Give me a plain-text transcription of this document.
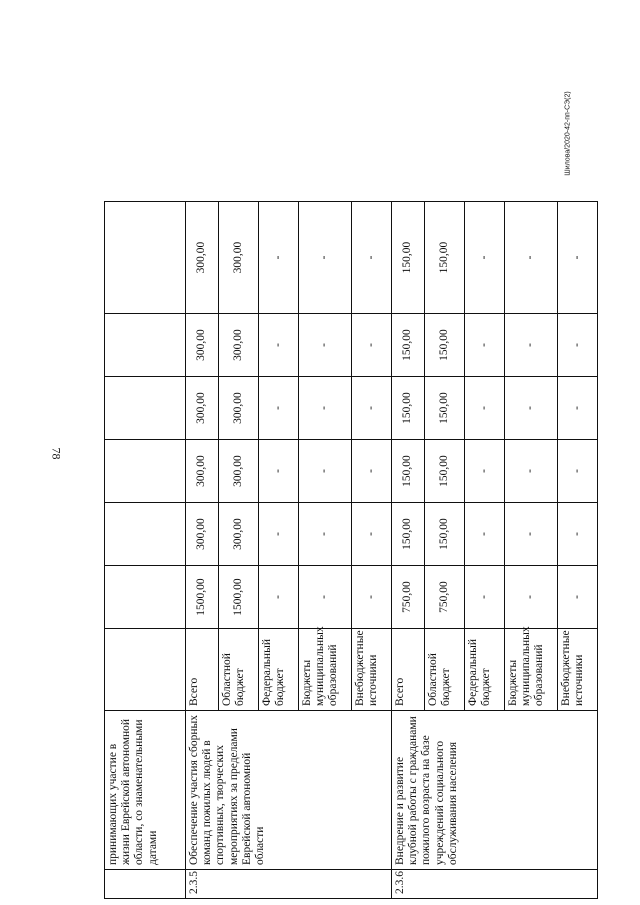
78
Шилова/2020-42-пп-СЭ(2)
	принимающих участие в жизни Еврейской автономной области, со знаменательными датами							
2.3.5	Обеспечение участия сборных команд пожилых людей в спортивных, творческих мероприятиях за пределами Еврейской автономной области	Всего	1500,00	300,00	300,00	300,00	300,00	300,00
		Областной бюджет	1500,00	300,00	300,00	300,00	300,00	300,00
		Федеральный бюджет	-	-	-	-	-	-
		Бюджеты муниципальных образований	-	-	-	-	-	-
		Внебюджетные источники	-	-	-	-	-	-
2.3.6	Внедрение и развитие клубной работы с гражданами пожилого возраста на базе учреждений социального обслуживания населения	Всего	750,00	150,00	150,00	150,00	150,00	150,00
		Областной бюджет	750,00	150,00	150,00	150,00	150,00	150,00
		Федеральный бюджет	-	-	-	-	-	-
		Бюджеты муниципальных образований	-	-	-	-	-	-
		Внебюджетные источники	-	-	-	-	-	-
